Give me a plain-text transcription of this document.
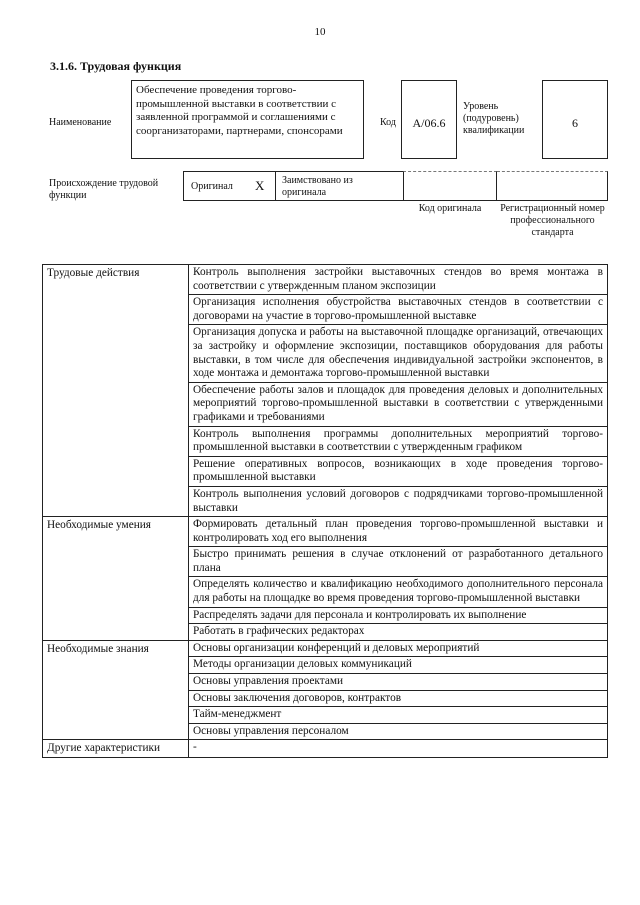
10
3.1.6. Трудовая функция
Наименование
Обеспечение проведения торгово-промышленной выставки в соответствии с заявленной программой и соглашениями с соорганизаторами, партнерами, спонсорами
Код	А/06.6
Уровень (подуровень) квалификации
6
Происхождение трудовой функции
Оригинал X Заимствовано из оригинала
Код оригинала	Регистрационный номер профессионального стандарта
Трудовые действия	Контроль выполнения застройки выставочных стендов во время монтажа в соответствии с утвержденным планом экспозиции
	Организация исполнения обустройства выставочных стендов в соответствии с договорами на участие в торгово-промышленной выставке
	Организация допуска и работы на выставочной площадке организаций, отвечающих за застройку и оформление экспозиции, поставщиков оборудования для работы выставки, в том числе для обеспечения индивидуальной застройки экспонентов, в ходе монтажа и демонтажа торгово-промышленной выставки
	Обеспечение работы залов и площадок для проведения деловых и дополнительных мероприятий торгово-промышленной выставки в соответствии с утвержденными графиками и требованиями
	Контроль выполнения программы дополнительных мероприятий торгово-промышленной выставки в соответствии с утвержденным графиком
	Решение оперативных вопросов, возникающих в ходе проведения торгово-промышленной выставки
	Контроль выполнения условий договоров с подрядчиками торгово-промышленной выставки
Необходимые умения	Формировать детальный план проведения торгово-промышленной выставки и контролировать ход его выполнения
	Быстро принимать решения в случае отклонений от разработанного детального плана
	Определять количество и квалификацию необходимого дополнительного персонала для работы на площадке во время проведения торгово-промышленной выставки
	Распределять задачи для персонала и контролировать их выполнение
	Работать в графических редакторах
Необходимые знания	Основы организации конференций и деловых мероприятий
	Методы организации деловых коммуникаций
	Основы управления проектами
	Основы заключения договоров, контрактов
	Тайм-менеджмент
	Основы управления персоналом
Другие характеристики	-
